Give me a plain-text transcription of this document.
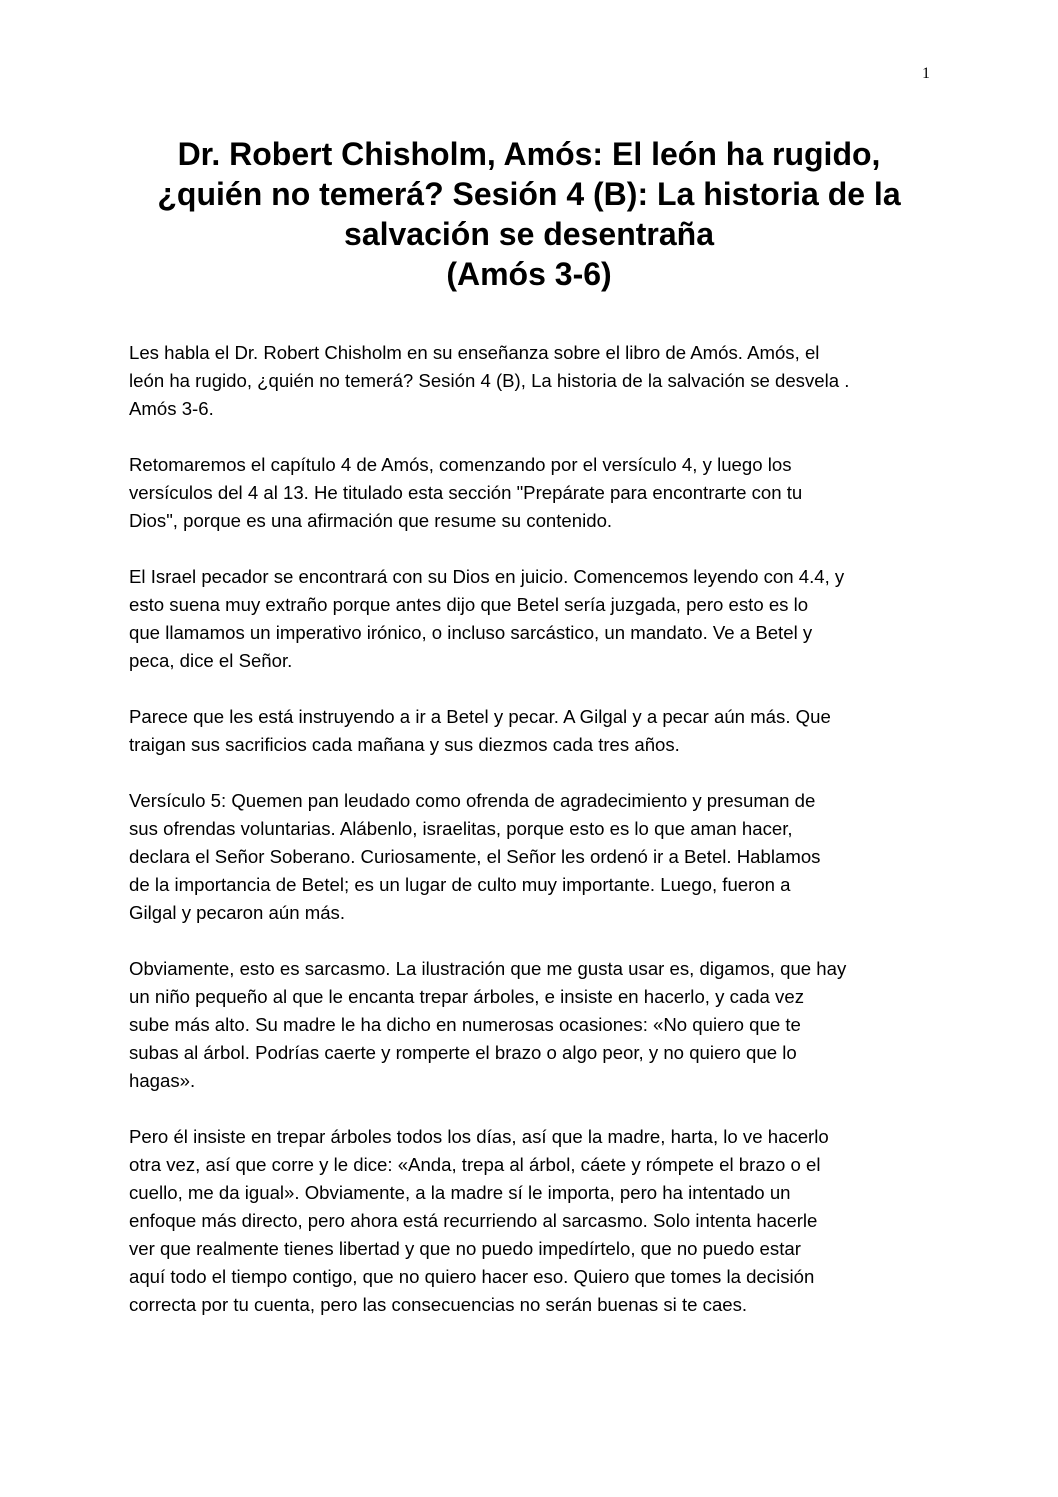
1
Dr. Robert Chisholm, Amós: El león ha rugido,
¿quién no temerá? Sesión 4 (B): La historia de la
salvación se desentraña
(Amós 3-6)

Les habla el Dr. Robert Chisholm en su enseñanza sobre el libro de Amós. Amós, el
león ha rugido, ¿quién no temerá? Sesión 4 (B), La historia de la salvación se desvela .
Amós 3-6.

Retomaremos el capítulo 4 de Amós, comenzando por el versículo 4, y luego los
versículos del 4 al 13. He titulado esta sección "Prepárate para encontrarte con tu
Dios", porque es una afirmación que resume su contenido.

El Israel pecador se encontrará con su Dios en juicio. Comencemos leyendo con 4.4, y
esto suena muy extraño porque antes dijo que Betel sería juzgada, pero esto es lo
que llamamos un imperativo irónico, o incluso sarcástico, un mandato. Ve a Betel y
peca, dice el Señor.

Parece que les está instruyendo a ir a Betel y pecar. A Gilgal y a pecar aún más. Que
traigan sus sacrificios cada mañana y sus diezmos cada tres años.

Versículo 5: Quemen pan leudado como ofrenda de agradecimiento y presuman de
sus ofrendas voluntarias. Alábenlo, israelitas, porque esto es lo que aman hacer,
declara el Señor Soberano. Curiosamente, el Señor les ordenó ir a Betel. Hablamos
de la importancia de Betel; es un lugar de culto muy importante. Luego, fueron a
Gilgal y pecaron aún más.

Obviamente, esto es sarcasmo. La ilustración que me gusta usar es, digamos, que hay
un niño pequeño al que le encanta trepar árboles, e insiste en hacerlo, y cada vez
sube más alto. Su madre le ha dicho en numerosas ocasiones: «No quiero que te
subas al árbol. Podrías caerte y romperte el brazo o algo peor, y no quiero que lo
hagas».

Pero él insiste en trepar árboles todos los días, así que la madre, harta, lo ve hacerlo
otra vez, así que corre y le dice: «Anda, trepa al árbol, cáete y rómpete el brazo o el
cuello, me da igual». Obviamente, a la madre sí le importa, pero ha intentado un
enfoque más directo, pero ahora está recurriendo al sarcasmo. Solo intenta hacerle
ver que realmente tienes libertad y que no puedo impedírtelo, que no puedo estar
aquí todo el tiempo contigo, que no quiero hacer eso. Quiero que tomes la decisión
correcta por tu cuenta, pero las consecuencias no serán buenas si te caes.
